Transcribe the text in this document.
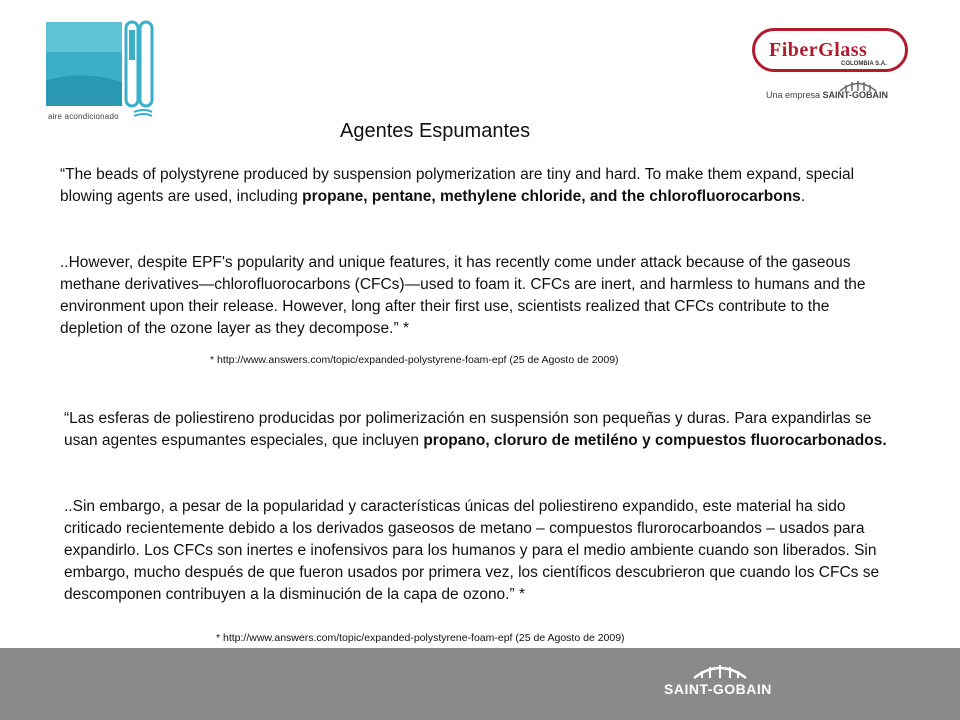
aire acondicionado
FiberGlass
COLOMBIA S.A.
Una empresa SAINT-GOBAIN
Agentes Espumantes

“The beads of polystyrene produced by suspension polymerization are tiny and hard. To make them expand, special blowing agents are used, including propane, pentane, methylene chloride, and the chlorofluorocarbons.

..However, despite EPF's popularity and unique features, it has recently come under attack because of the gaseous methane derivatives—chlorofluorocarbons (CFCs)—used to foam it. CFCs are inert, and harmless to humans and the environment upon their release. However, long after their first use, scientists realized that CFCs contribute to the depletion of the ozone layer as they decompose.” *

* http://www.answers.com/topic/expanded-polystyrene-foam-epf (25 de Agosto de 2009)

“Las esferas de poliestireno producidas por polimerización en suspensión son pequeñas y duras. Para expandirlas se usan agentes espumantes especiales, que incluyen propano, cloruro de metiléno y compuestos fluorocarbonados.

..Sin embargo, a pesar de la popularidad y características únicas del poliestireno expandido, este material ha sido criticado recientemente debido a los derivados gaseosos de metano – compuestos flurorocarboandos – usados para expandirlo. Los CFCs son inertes e inofensivos para los humanos y para el medio ambiente cuando son liberados. Sin embargo, mucho después de que fueron usados por primera vez, los científicos descubrieron que cuando los CFCs se descomponen contribuyen a la disminución de la capa de ozono.” *

* http://www.answers.com/topic/expanded-polystyrene-foam-epf (25 de Agosto de 2009)
SAINT-GOBAIN
